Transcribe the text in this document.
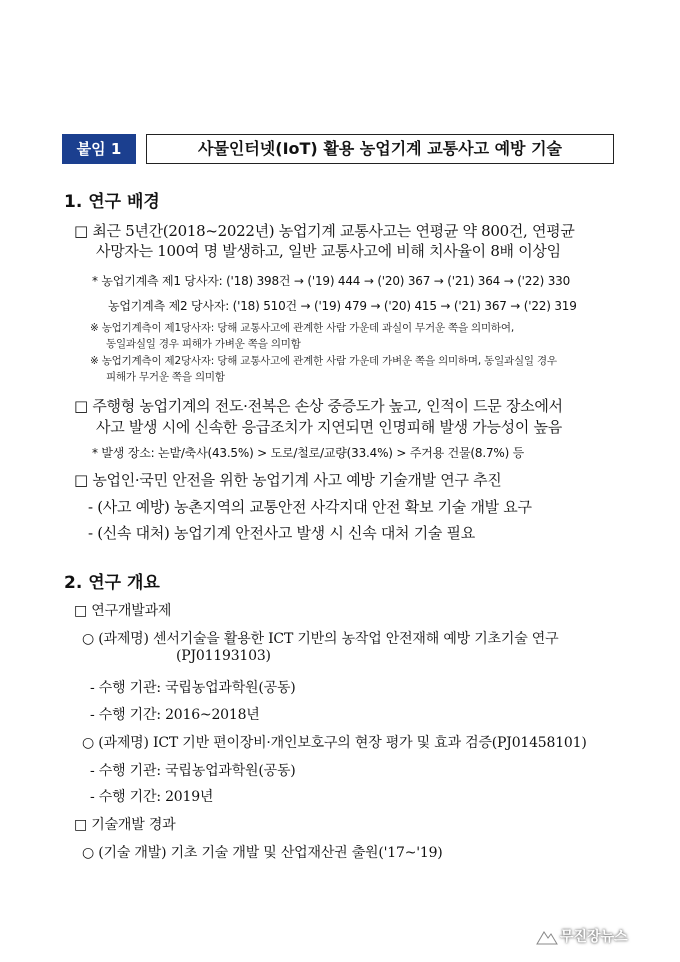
붙임 1	사물인터넷(IoT) 활용 농업기계 교통사고 예방 기술
1. 연구 배경
□ 최근 5년간(2018~2022년) 농업기계 교통사고는 연평균 약 800건, 연평균
사망자는 100여 명 발생하고, 일반 교통사고에 비해 치사율이 8배 이상임
* 농업기계측 제1 당사자: ('18) 398건 → ('19) 444 → ('20) 367 → ('21) 364 → ('22) 330
농업기계측 제2 당사자: ('18) 510건 → ('19) 479 → ('20) 415 → ('21) 367 → ('22) 319
※ 농업기계측이 제1당사자: 당해 교통사고에 관계한 사람 가운데 과실이 무거운 쪽을 의미하여,
동일과실일 경우 피해가 가벼운 쪽을 의미함
※ 농업기계측이 제2당사자: 당해 교통사고에 관계한 사람 가운데 가벼운 쪽을 의미하며, 동일과실일 경우
피해가 무거운 쪽을 의미함
□ 주행형 농업기계의 전도·전복은 손상 중증도가 높고, 인적이 드문 장소에서
사고 발생 시에 신속한 응급조치가 지연되면 인명피해 발생 가능성이 높음
* 발생 장소: 논밭/축사(43.5%) > 도로/철로/교량(33.4%) > 주거용 건물(8.7%) 등
□ 농업인·국민 안전을 위한 농업기계 사고 예방 기술개발 연구 추진
- (사고 예방) 농촌지역의 교통안전 사각지대 안전 확보 기술 개발 요구
- (신속 대처) 농업기계 안전사고 발생 시 신속 대처 기술 필요
2. 연구 개요
□ 연구개발과제
○ (과제명) 센서기술을 활용한 ICT 기반의 농작업 안전재해 예방 기초기술 연구
(PJ01193103)
- 수행 기관: 국립농업과학원(공동)
- 수행 기간: 2016~2018년
○ (과제명) ICT 기반 편이장비·개인보호구의 현장 평가 및 효과 검증(PJ01458101)
- 수행 기관: 국립농업과학원(공동)
- 수행 기간: 2019년
□ 기술개발 경과
○ (기술 개발) 기초 기술 개발 및 산업재산권 출원('17~'19)
무진장뉴스
